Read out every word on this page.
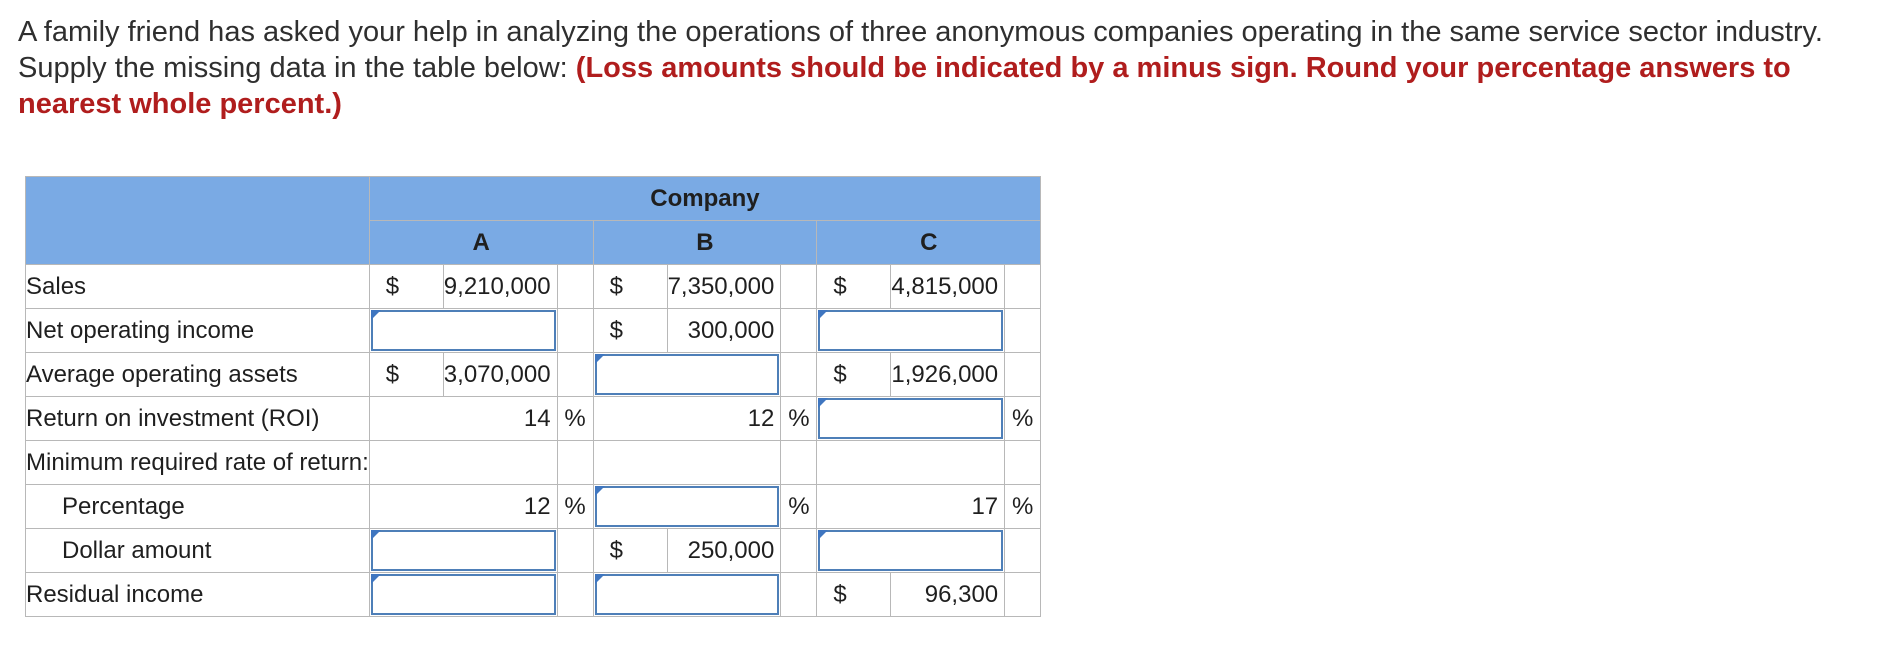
A family friend has asked your help in analyzing the operations of three anonymous companies operating in the same service sector industry. Supply the missing data in the table below: (Loss amounts should be indicated by a minus sign. Round your percentage answers to nearest whole percent.)
	Company								
	A			B			C		
Sales	$	9,210,000		$	7,350,000		$	4,815,000	
Net operating income				$	300,000			

Average operating assets	$	3,070,000					$	1,926,000	
Return on investment (ROI)	14		%	12		%			%
Minimum required rate of return:									
Percentage	12		%			%	17		%
Dollar amount				$	250,000			

Residual income							$	96,300	
